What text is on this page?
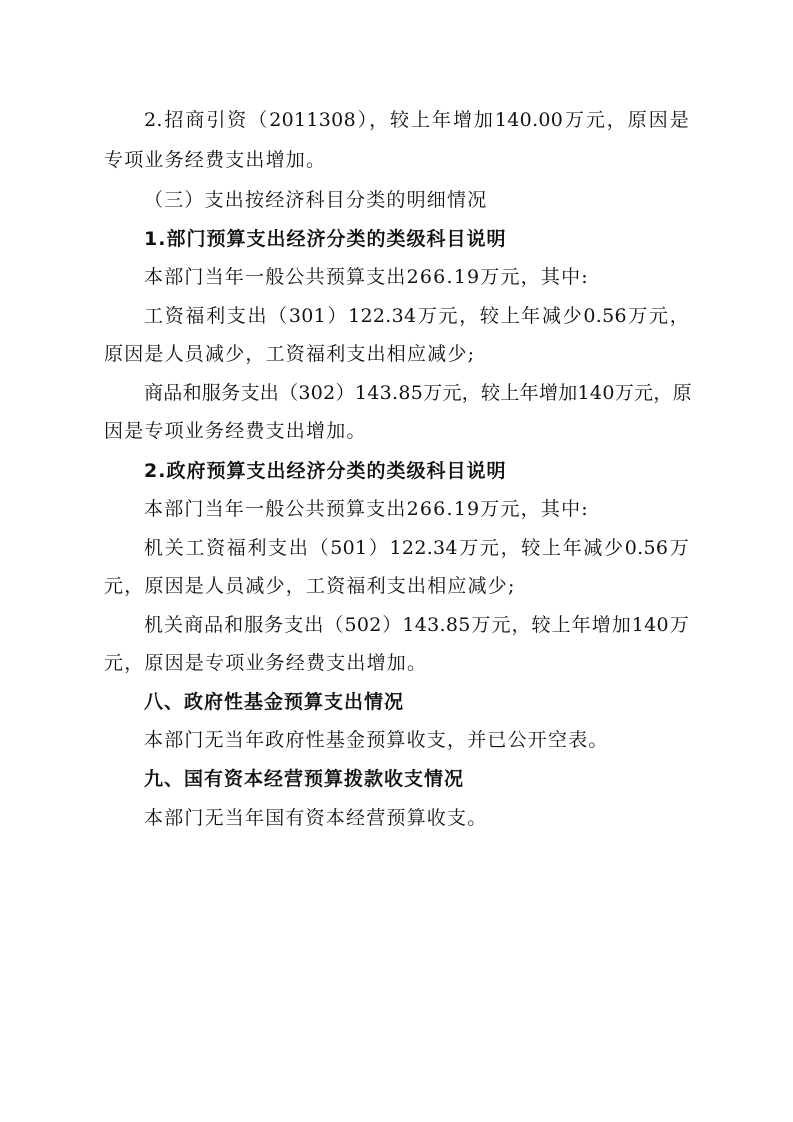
2.招商引资（2011308），较上年增加140.00万元，原因是
专项业务经费支出增加。
（三）支出按经济科目分类的明细情况
1.部门预算支出经济分类的类级科目说明
本部门当年一般公共预算支出266.19万元，其中:
工资福利支出（301）122.34万元，较上年减少0.56万元，
原因是人员减少，工资福利支出相应减少;
商品和服务支出（302）143.85万元，较上年增加140万元，原
因是专项业务经费支出增加。
2.政府预算支出经济分类的类级科目说明
本部门当年一般公共预算支出266.19万元，其中:
机关工资福利支出（501）122.34万元，较上年减少0.56万
元，原因是人员减少，工资福利支出相应减少;
机关商品和服务支出（502）143.85万元，较上年增加140万
元，原因是专项业务经费支出增加。
八、政府性基金预算支出情况
本部门无当年政府性基金预算收支，并已公开空表。
九、国有资本经营预算拨款收支情况
本部门无当年国有资本经营预算收支。
